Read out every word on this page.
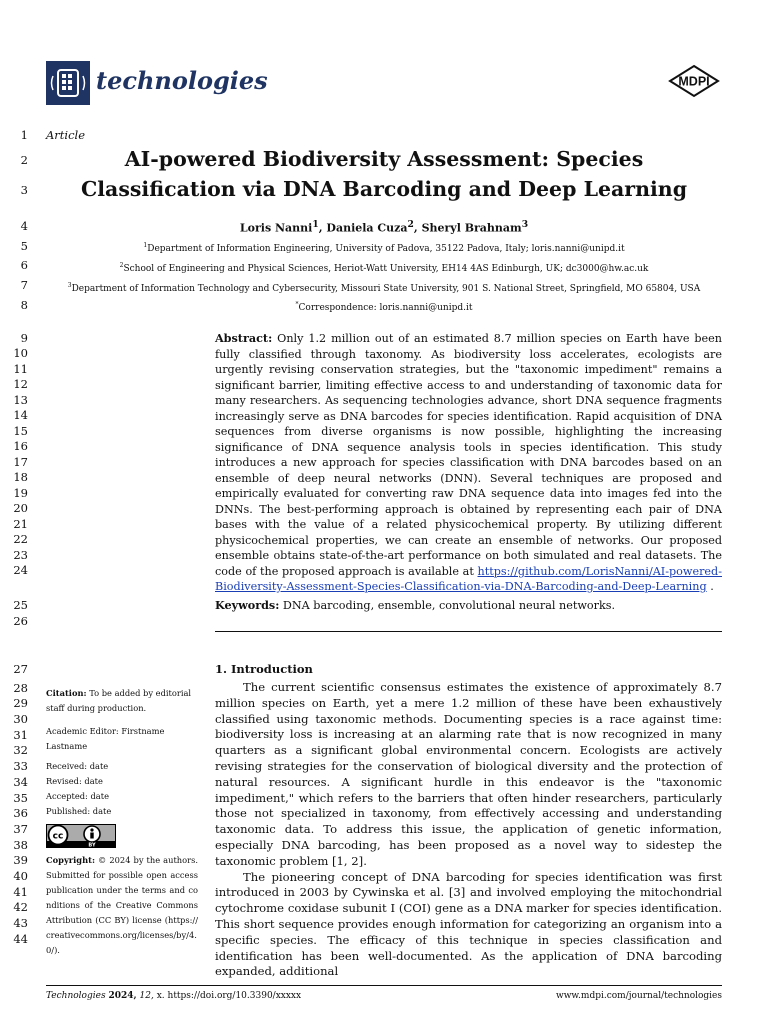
technologies	MDPI
1
2
3
4
5
6
7
8
9
10
11
12
13
14
15
16
17
18
19
20
21
22
23
24
25
26
27
28
29
30
31
32
33
34
35
36
37
38
39
40
41
42
43
44
Article
AI-powered Biodiversity Assessment: Species Classification via DNA Barcoding and Deep Learning
Loris Nanni$^1$, Daniela Cuza$^2$, Sheryl Brahnam$^3$
$^1$Department of Information Engineering, University of Padova, 35122 Padova, Italy; loris.nanni@unipd.it
$^2$School of Engineering and Physical Sciences, Heriot-Watt University, EH14 4AS Edinburgh, UK; dc3000@hw.ac.uk
$^3$Department of Information Technology and Cybersecurity, Missouri State University, 901 S. National Street, Springfield, MO 65804, USA
*Correspondence: loris.nanni@unipd.it
Abstract: Only 1.2 million out of an estimated 8.7 million species on Earth have been fully classified through taxonomy. As biodiversity loss accelerates, ecologists are urgently revising conservation strategies, but the "taxonomic impediment" remains a significant barrier, limiting effective access to and understanding of taxonomic data for many researchers. As sequencing technologies advance, short DNA sequence fragments increasingly serve as DNA barcodes for species identification. Rapid acquisition of DNA sequences from diverse organisms is now possible, highlighting the increasing significance of DNA sequence analysis tools in species identification. This study introduces a new approach for species classification with DNA barcodes based on an ensemble of deep neural networks (DNN). Several techniques are proposed and empirically evaluated for converting raw DNA sequence data into images fed into the DNNs. The best-performing approach is obtained by representing each pair of DNA bases with the value of a related physicochemical property. By utilizing different physicochemical properties, we can create an ensemble of networks. Our proposed ensemble obtains state-of-the-art performance on both simulated and real datasets. The code of the proposed approach is available at https://github.com/LorisNanni/AI-powered-Biodiversity-Assessment-Species-Classification-via-DNA-Barcoding-and-Deep-Learning .
Keywords: DNA barcoding, ensemble, convolutional neural networks.

Citation: To be added by editorial staff during production.

Academic Editor: Firstname Lastname

Received: date

Revised: date

Accepted: date

Published: date

Copyright: © 2024 by the authors. Submitted for possible open access publication under the terms and conditions of the Creative Commons Attribution (CC BY) license (https://creativecommons.org/licenses/by/4.0/).

cc
BY
1. Introduction

The current scientific consensus estimates the existence of approximately 8.7 million species on Earth, yet a mere 1.2 million of these have been exhaustively classified using taxonomic methods. Documenting species is a race against time: biodiversity loss is increasing at an alarming rate that is now recognized in many quarters as a significant global environmental concern. Ecologists are actively revising strategies for the conservation of biological diversity and the protection of natural resources. A significant hurdle in this endeavor is the "taxonomic impediment," which refers to the barriers that often hinder researchers, particularly those not specialized in taxonomy, from effectively accessing and understanding taxonomic data. To address this issue, the application of genetic information, especially DNA barcoding, has been proposed as a novel way to sidestep the taxonomic problem [1, 2].

The pioneering concept of DNA barcoding for species identification was first introduced in 2003 by Cywinska et al. [3] and involved employing the mitochondrial cytochrome coxidase subunit I (COI) gene as a DNA marker for species identification. This short sequence provides enough information for categorizing an organism into a specific species. The efficacy of this technique in species classification and identification has been well-documented. As the application of DNA barcoding expanded, additional

Technologies 2024, 12, x. https://doi.org/10.3390/xxxxx	www.mdpi.com/journal/technologies
